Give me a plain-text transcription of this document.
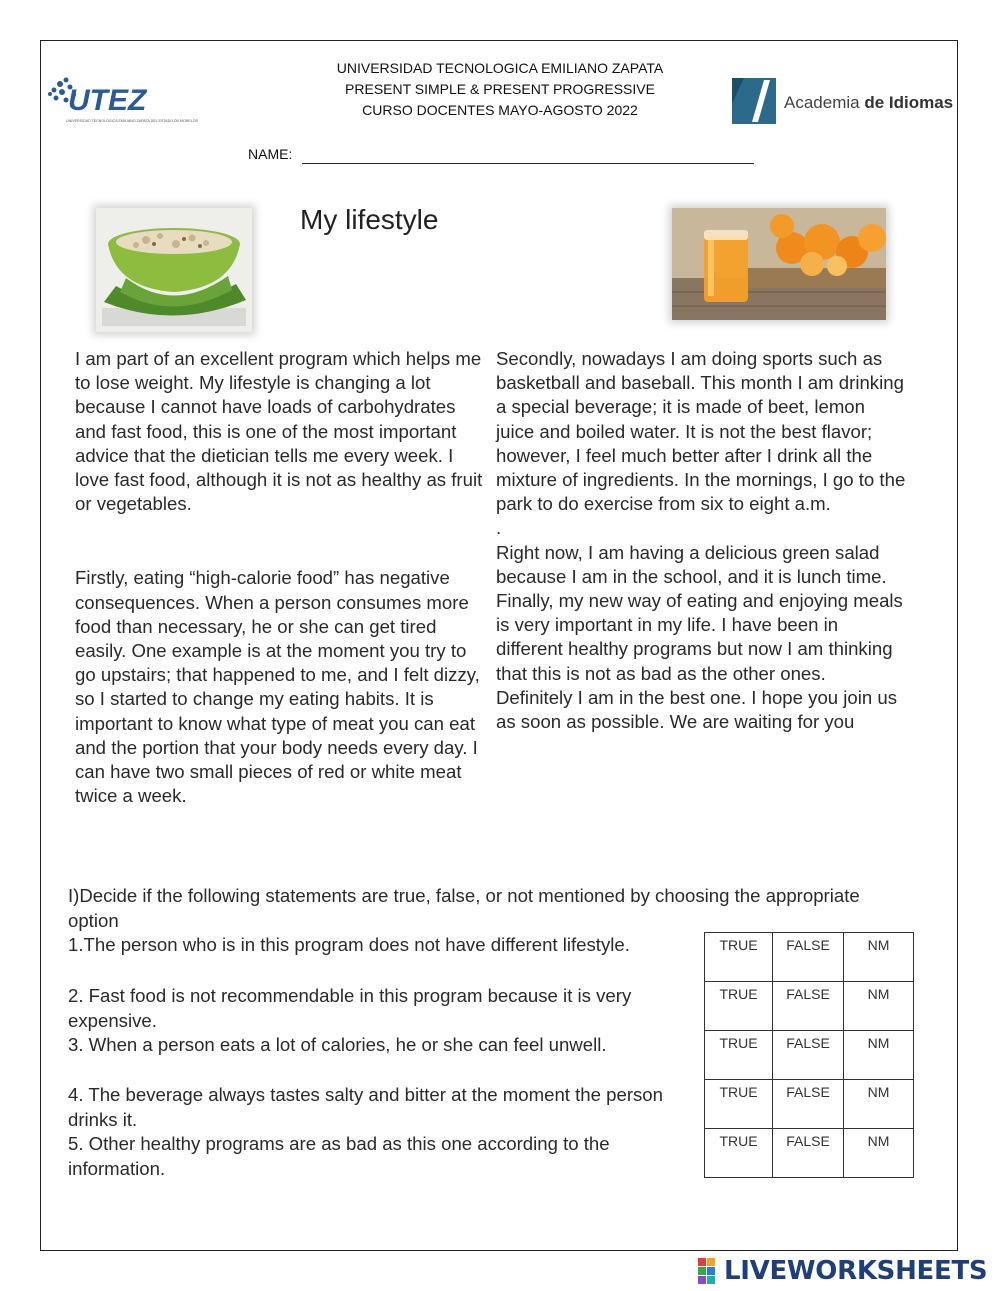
UTEZ
UNIVERSIDAD TECNOLÓGICA EMILIANO ZAPATA DEL ESTADO DE MORELOS
UNIVERSIDAD TECNOLOGICA EMILIANO ZAPATA
PRESENT SIMPLE & PRESENT PROGRESSIVE
CURSO DOCENTES MAYO-AGOSTO 2022	Academia de Idiomas
NAME:
My lifestyle

I am part of an excellent program which helps me to lose weight. My lifestyle is changing a lot because I cannot have loads of carbohydrates and fast food, this is one of the most important advice that the dietician tells me every week. I love fast food, although it is not as healthy as fruit or vegetables.

Firstly, eating “high-calorie food” has negative consequences. When a person consumes more food than necessary, he or she can get tired easily. One example is at the moment you try to go upstairs; that happened to me, and I felt dizzy, so I started to change my eating habits. It is important to know what type of meat you can eat and the portion that your body needs every day. I can have two small pieces of red or white meat twice a week.

Secondly, nowadays I am doing sports such as basketball and baseball. This month I am drinking a special beverage; it is made of beet, lemon juice and boiled water. It is not the best flavor; however, I feel much better after I drink all the mixture of ingredients. In the mornings, I go to the park to do exercise from six to eight a.m.

.

Right now, I am having a delicious green salad because I am in the school, and it is lunch time.

Finally, my new way of eating and enjoying meals is very important in my life. I have been in different healthy programs but now I am thinking that this is not as bad as the other ones. Definitely I am in the best one. I hope you join us as soon as possible. We are waiting for you

I)Decide if the following statements are true, false, or not mentioned by choosing the appropriate option
1.The person who is in this program does not have different lifestyle.
2. Fast food is not recommendable in this program because it is very expensive.
3. When a person eats a lot of calories, he or she can feel unwell.
4. The beverage always tastes salty and bitter at the moment the person drinks it.
5. Other healthy programs are as bad as this one according to the information.
TRUE	FALSE	NM
TRUE	FALSE	NM
TRUE	FALSE	NM
TRUE	FALSE	NM
TRUE	FALSE	NM
LIVEWORKSHEETS
